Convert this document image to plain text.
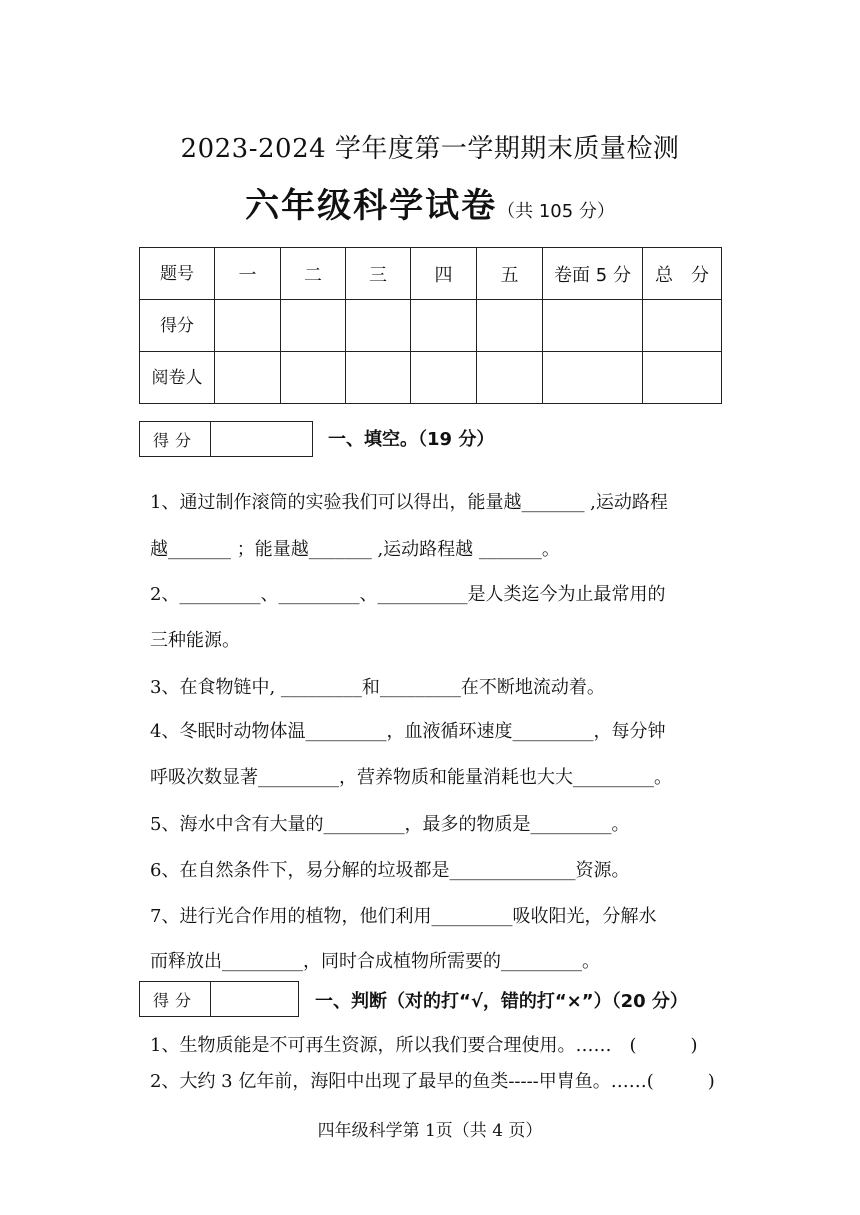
2023-2024 学年度第一学期期末质量检测
六年级科学试卷（共 105 分）
题号	一	二	三	四	五	卷面 5 分	总　分
得分							
阅卷人							
得分	一、填空。（19 分）
1、通过制作滚筒的实验我们可以得出，能量越_______ ,运动路程
越_______ ；能量越_______ ,运动路程越 _______。
2、_________、_________、__________是人类迄今为止最常用的
三种能源。
3、在食物链中, _________和_________在不断地流动着。
4、冬眠时动物体温_________，血液循环速度_________，每分钟
呼吸次数显著_________，营养物质和能量消耗也大大_________。
5、海水中含有大量的_________，最多的物质是_________。
6、在自然条件下，易分解的垃圾都是______________资源。
7、进行光合作用的植物，他们利用_________吸收阳光，分解水
而释放出_________，同时合成植物所需要的_________。
得分	一、判断（对的打“√，错的打“×”）（20 分）
1、生物质能是不可再生资源，所以我们要合理使用。……　(　　　)
2、大约 3 亿年前，海阳中出现了最早的鱼类-----甲胄鱼。……(　　　)
四年级科学第 1页（共 4 页）
